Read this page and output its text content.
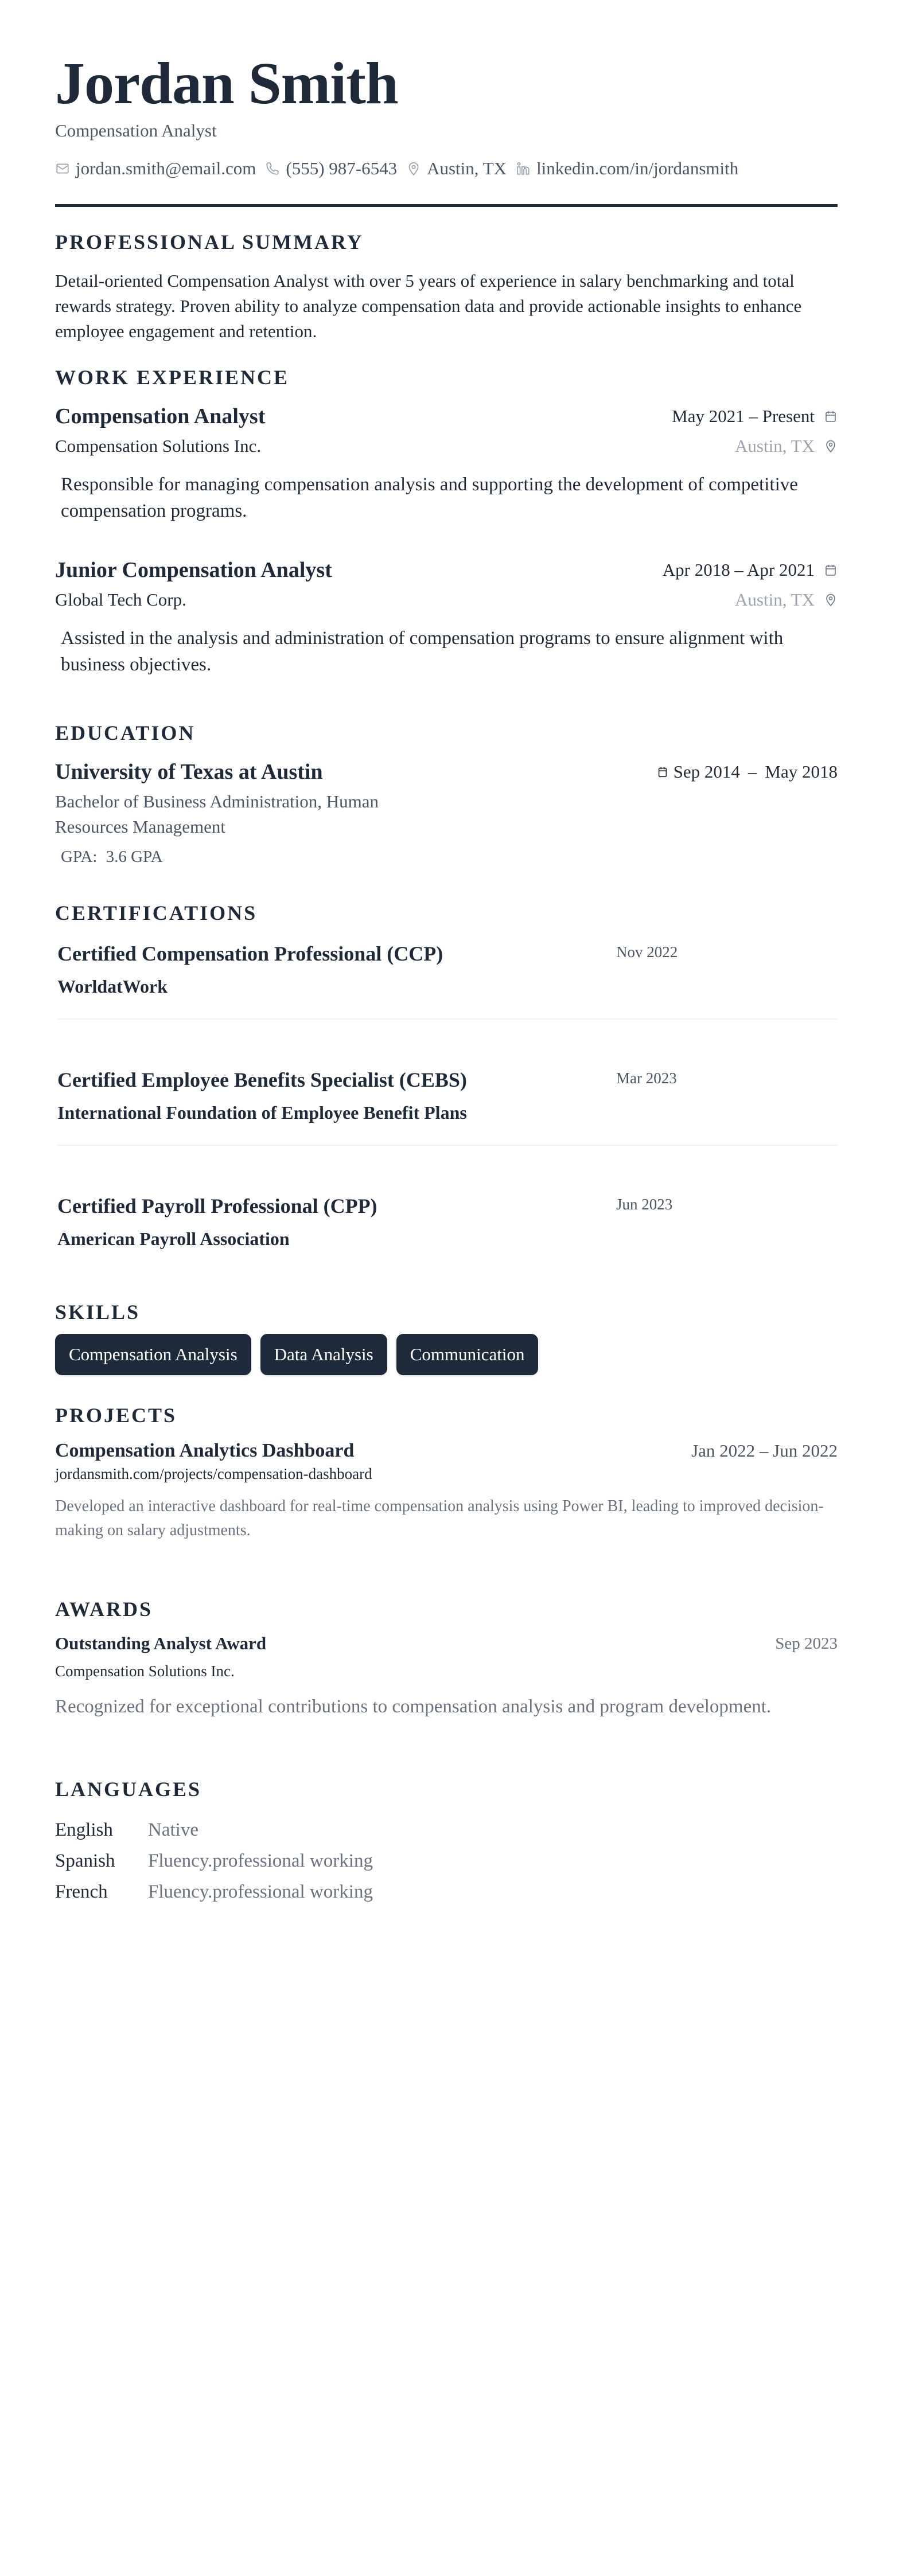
Jordan Smith
Compensation Analyst
jordan.smith@email.com (555) 987-6543 Austin, TX linkedin.com/in/jordansmith
PROFESSIONAL SUMMARY
Detail-oriented Compensation Analyst with over 5 years of experience in salary benchmarking and total rewards strategy. Proven ability to analyze compensation data and provide actionable insights to enhance employee engagement and retention.
WORK EXPERIENCE
Compensation Analyst	May 2021 – Present
Compensation Solutions Inc.	Austin, TX
Responsible for managing compensation analysis and supporting the development of competitive compensation programs.
Junior Compensation Analyst	Apr 2018 – Apr 2021
Global Tech Corp.	Austin, TX
Assisted in the analysis and administration of compensation programs to ensure alignment with business objectives.
EDUCATION
University of Texas at Austin	Sep 2014 – May 2018
Bachelor of Business Administration, Human Resources Management
GPA: 3.6 GPA
CERTIFICATIONS
Certified Compensation Professional (CCP)	Nov 2022
WorldatWork
Certified Employee Benefits Specialist (CEBS)	Mar 2023
International Foundation of Employee Benefit Plans
Certified Payroll Professional (CPP)	Jun 2023
American Payroll Association
SKILLS
Compensation Analysis	Data Analysis	Communication
PROJECTS
Compensation Analytics Dashboard	Jan 2022 – Jun 2022
jordansmith.com/projects/compensation-dashboard
Developed an interactive dashboard for real-time compensation analysis using Power BI, leading to improved decision-making on salary adjustments.
AWARDS
Outstanding Analyst Award	Sep 2023
Compensation Solutions Inc.
Recognized for exceptional contributions to compensation analysis and program development.
LANGUAGES
English	Native
Spanish	Fluency.professional working
French	Fluency.professional working
